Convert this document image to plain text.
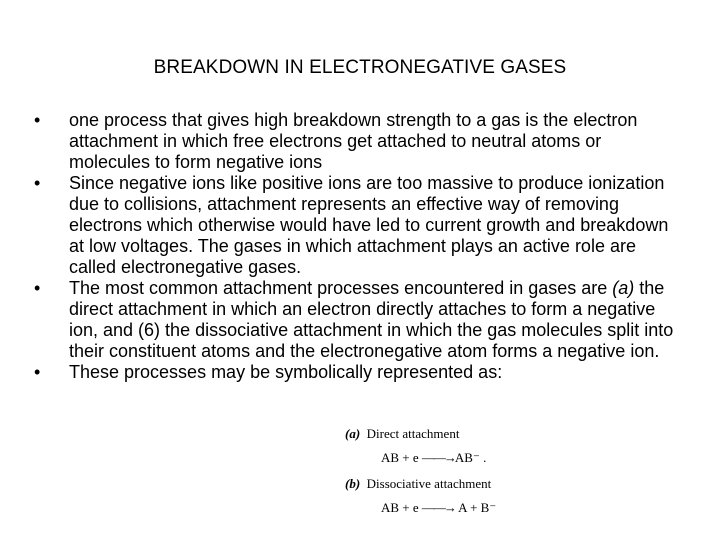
BREAKDOWN IN ELECTRONEGATIVE GASES
•	one process that gives high breakdown strength to a gas is the electron attachment in which free electrons get attached to neutral atoms or molecules to form negative ions
•	Since negative ions like positive ions are too massive to produce ionization due to collisions, attachment represents an effective way of removing electrons which otherwise would have led to current growth and breakdown at low voltages. The gases in which attachment plays an active role are called electronegative gases.
•	The most common attachment processes encountered in gases are (a) the direct attachment in which an electron directly attaches to form a negative ion, and (6) the dissociative attachment in which the gas molecules split into their constituent atoms and the electronegative atom forms a negative ion.
•	These processes may be symbolically represented as:
(a) Direct attachment
AB + e ——→AB⁻ .
(b) Dissociative attachment
AB + e ——→ A + B⁻
